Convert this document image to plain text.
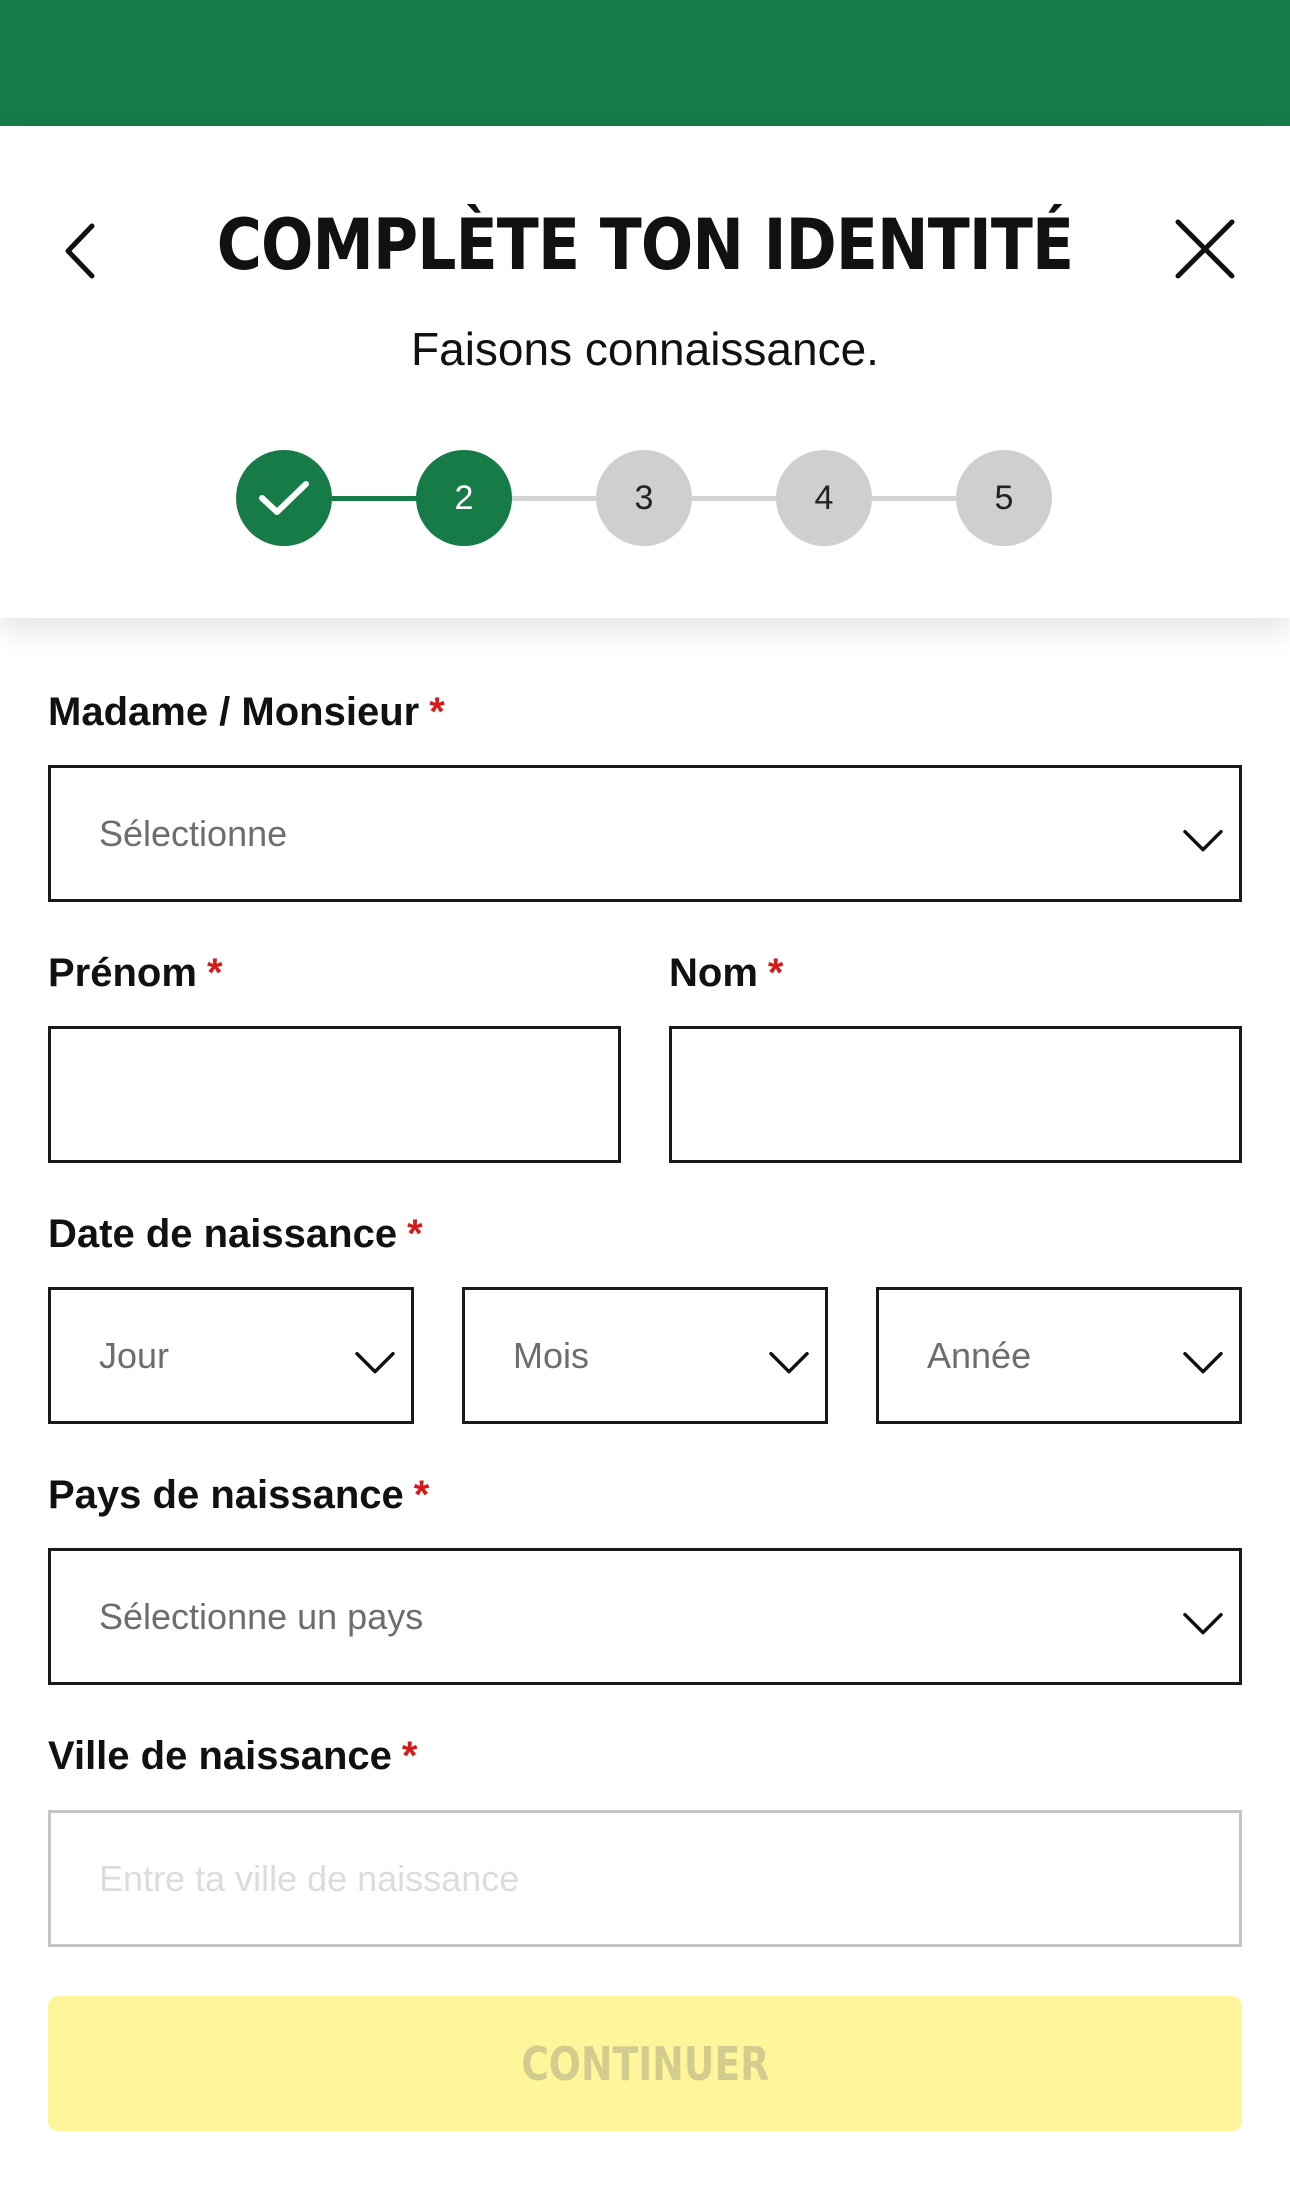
COMPLÈTE TON IDENTITÉ
Faisons connaissance.
2	3	4	5
Madame / Monsieur *
Sélectionne
Prénom *	Nom *
Date de naissance *
Jour	Mois	Année
Pays de naissance *
Sélectionne un pays
Ville de naissance *
Entre ta ville de naissance
CONTINUER
